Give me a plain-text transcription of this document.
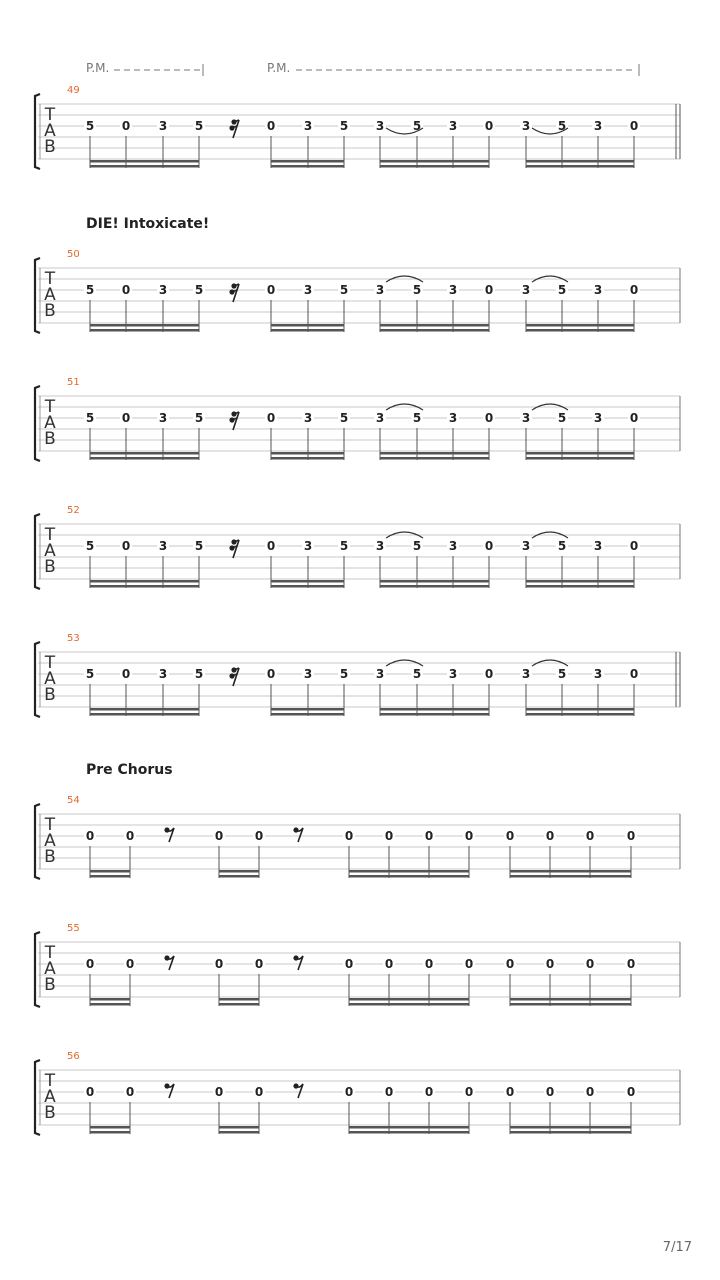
P.M.	P.M.
49
T
A
B
5 0 3 5	0 3 5 3 5 3 0 3 5 3 0
DIE! Intoxicate!
50
T
A
B
5 0 3 5	0 3 5 3 5 3 0 3 5 3 0
51
T
A
B
5 0 3 5	0 3 5 3 5 3 0 3 5 3 0
52
T
A
B
5 0 3 5	0 3 5 3 5 3 0 3 5 3 0
53
T
A
B
5 0 3 5	0 3 5 3 5 3 0 3 5 3 0
Pre Chorus
54
T
A
B
0	0	0	0	0	0	0	0	0	0	0	0
55
T
A
B
0	0	0	0	0	0	0	0	0	0	0	0
56
T
A
B
0	0	0	0	0	0	0	0	0	0	0	0
7/17
